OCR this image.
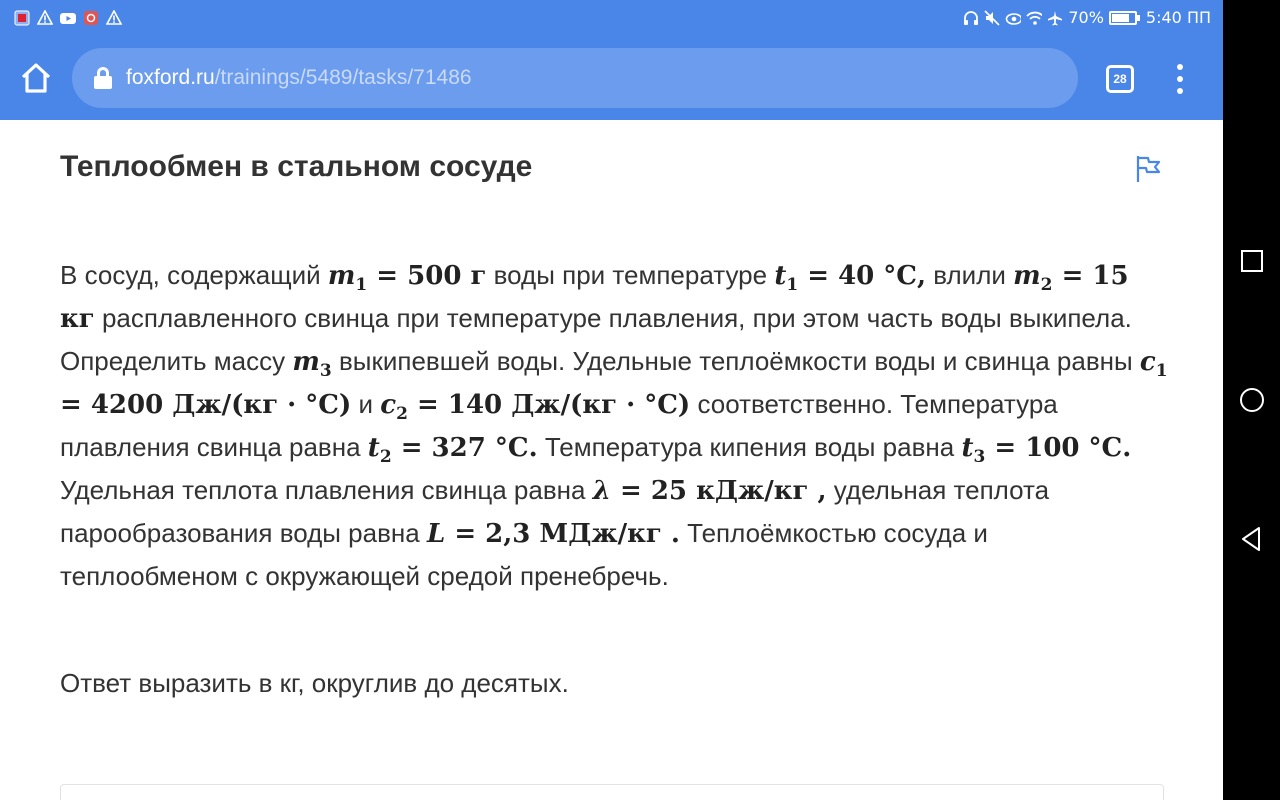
70%	5:40 ПП
foxford.ru/trainings/5489/tasks/71486	28
Теплообмен в стальном сосуде
В сосуд, содержащий $m_1 = 500$ г воды при температуре $t_1 = 40$ °С, влили $m_2 = 15$ кг расплавленного свинца при температуре плавления, при этом часть воды выкипела. Определить массу $m_3$ выкипевшей воды. Удельные теплоёмкости воды и свинца равны $c_1 = 4200$ Дж/(кг · °С) и $c_2 = 140$ Дж/(кг · °С) соответственно. Температура плавления свинца равна $t_2 = 327$ °С. Температура кипения воды равна $t_3 = 100$ °С. Удельная теплота плавления свинца равна λ = 25 кДж/кг , удельная теплота парообразования воды равна L = 2,3 МДж/кг . Теплоёмкостью сосуда и теплообменом с окружающей средой пренебречь.
Ответ выразить в кг, округлив до десятых.
